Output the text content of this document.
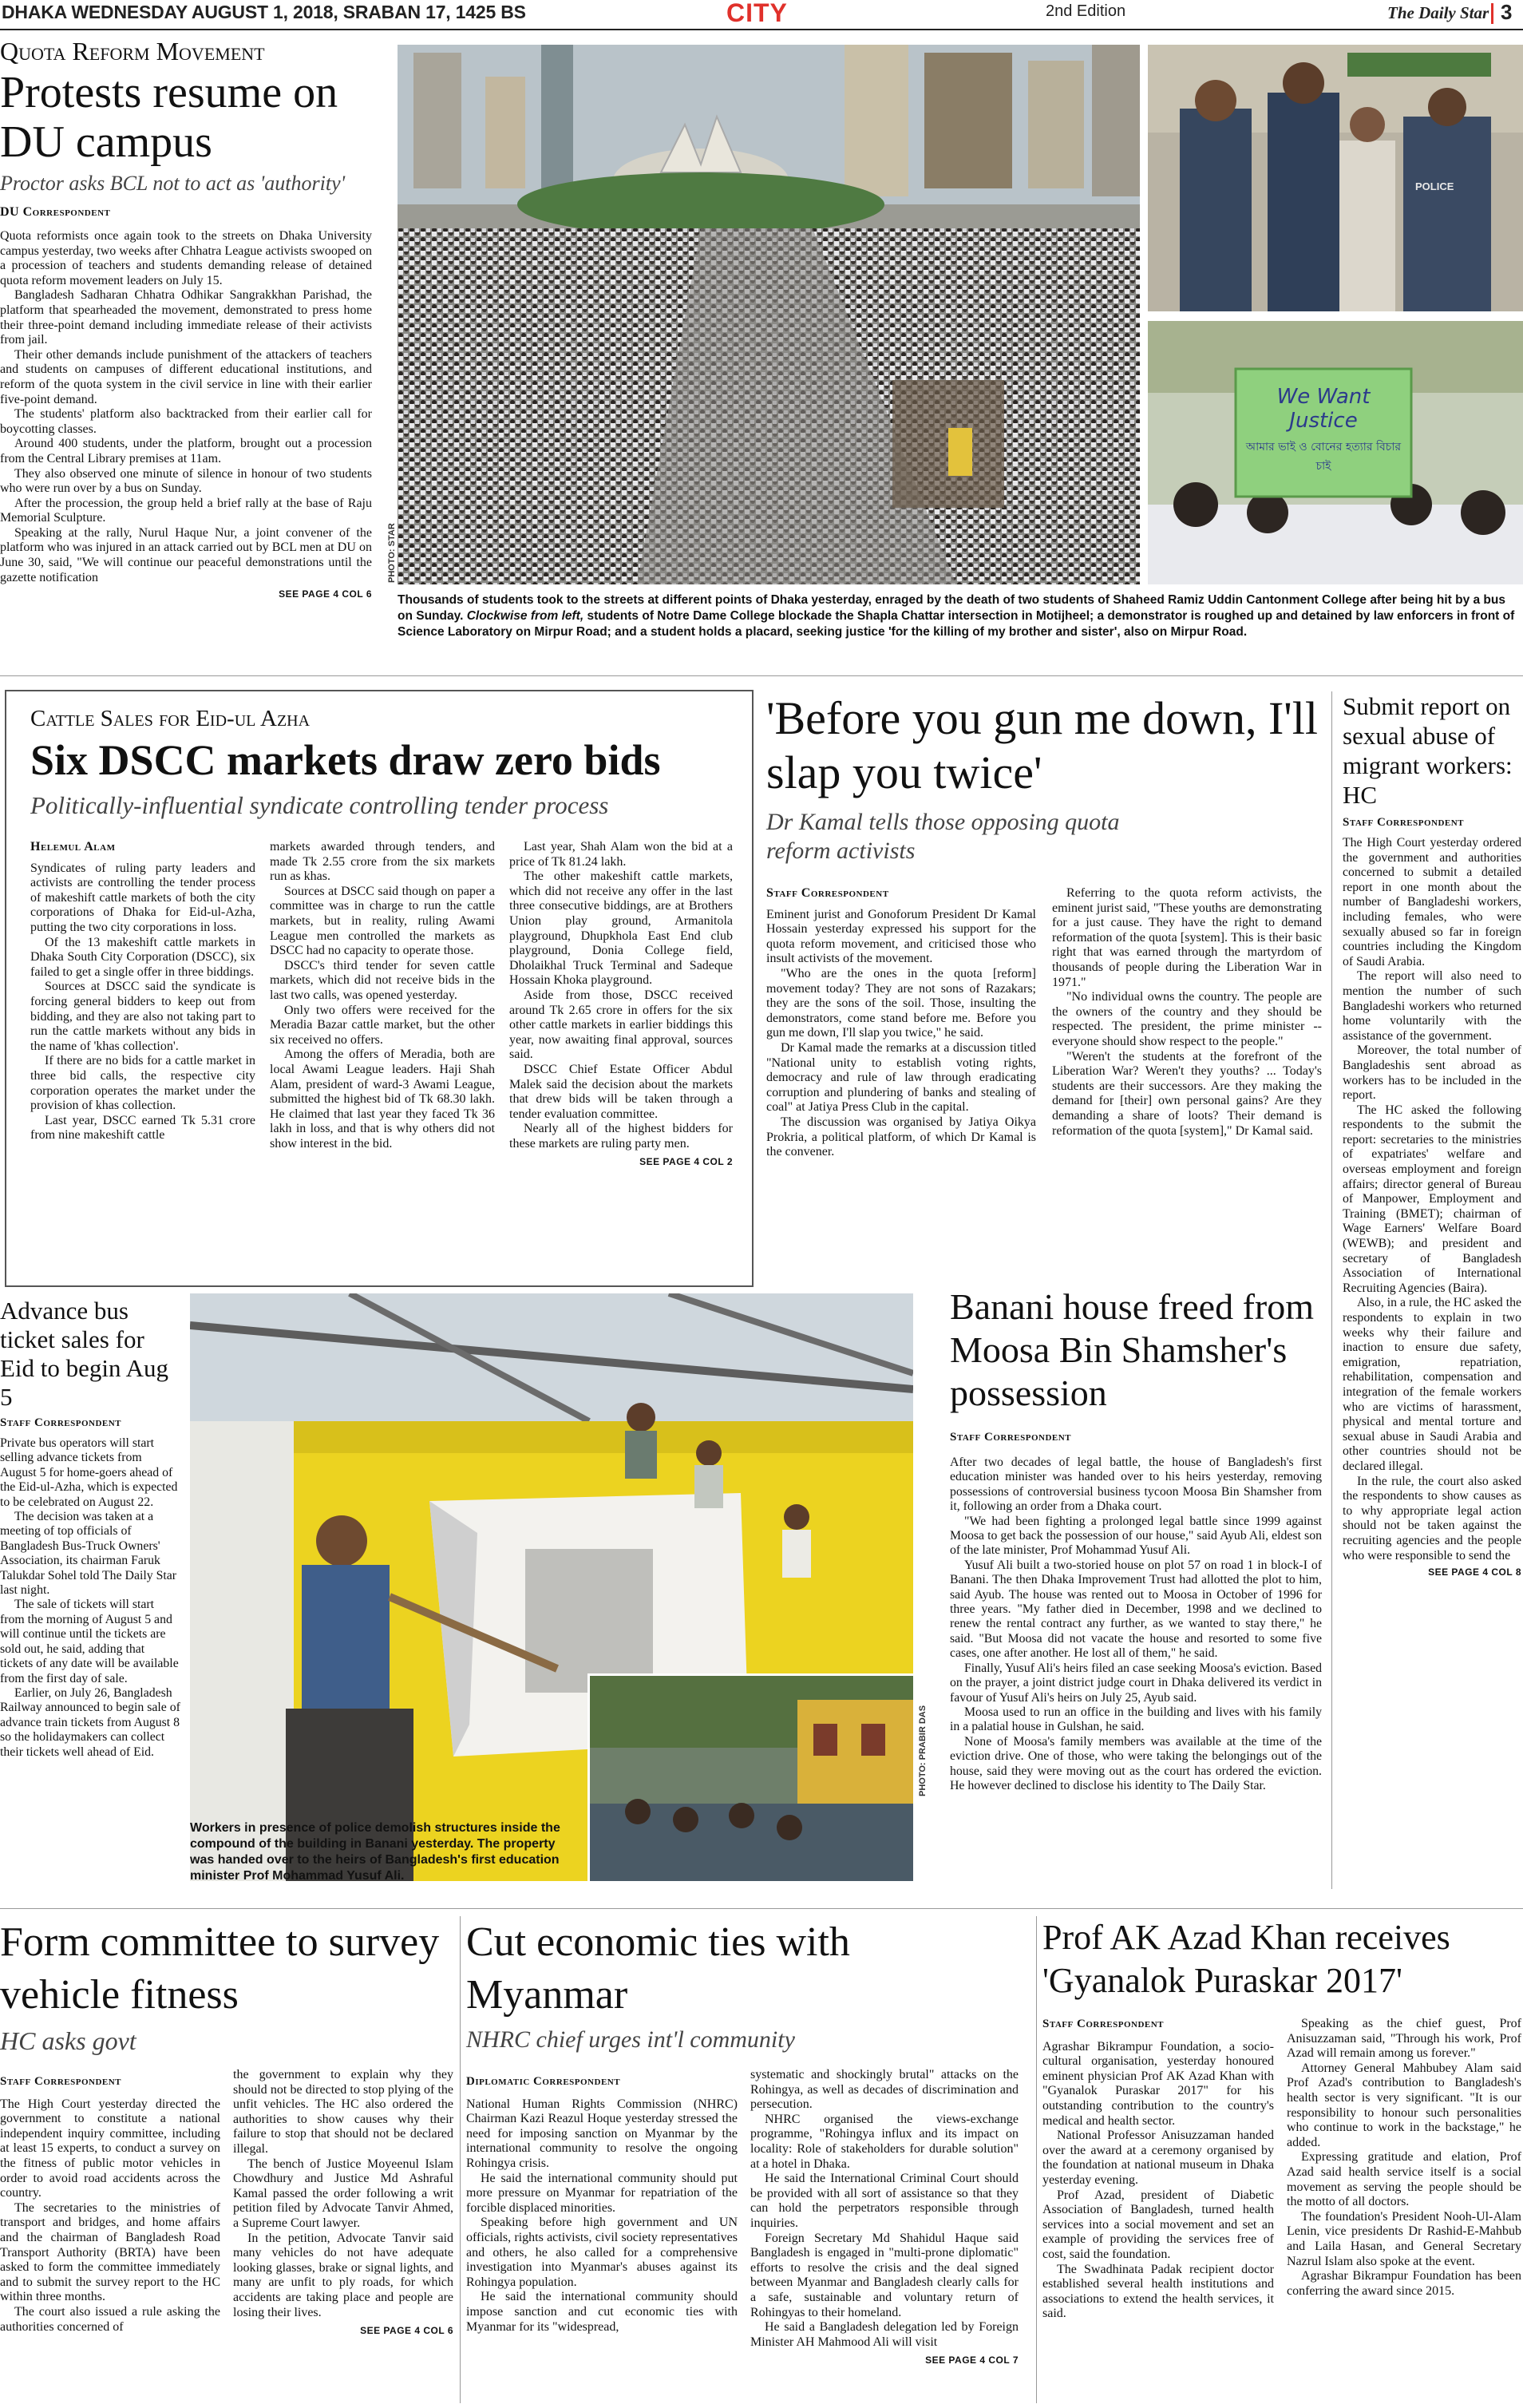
DHAKA WEDNESDAY AUGUST 1, 2018, SRABAN 17, 1425 BS	CITY	2nd Edition	The Daily Star 3
Quota Reform Movement
Protests resume on DU campus
Proctor asks BCL not to act as 'authority'
DU Correspondent

Quota reformists once again took to the streets on Dhaka University campus yesterday, two weeks after Chhatra League activists swooped on a procession of teachers and students demanding release of detained quota reform movement leaders on July 15.

Bangladesh Sadharan Chhatra Odhikar Sangrakkhan Parishad, the platform that spearheaded the movement, demonstrated to press home their three-point demand including immediate release of their activists from jail.

Their other demands include punishment of the attackers of teachers and students on campuses of different educational institutions, and reform of the quota system in the civil service in line with their earlier five-point demand.

The students' platform also backtracked from their earlier call for boycotting classes.

Around 400 students, under the platform, brought out a procession from the Central Library premises at 11am.

They also observed one minute of silence in honour of two students who were run over by a bus on Sunday.

After the procession, the group held a brief rally at the base of Raju Memorial Sculpture.

Speaking at the rally, Nurul Haque Nur, a joint convener of the platform who was injured in an attack carried out by BCL men at DU on June 30, said, "We will continue our peaceful demonstrations until the gazette notification

SEE PAGE 4 COL 6
PHOTO: STAR
POLICE
We Want
Justice
আমার ভাই ও বোনের হত্যার বিচার চাই
Thousands of students took to the streets at different points of Dhaka yesterday, enraged by the death of two students of Shaheed Ramiz Uddin Cantonment College after being hit by a bus on Sunday. Clockwise from left, students of Notre Dame College blockade the Shapla Chattar intersection in Motijheel; a demonstrator is roughed up and detained by law enforcers in front of Science Laboratory on Mirpur Road; and a student holds a placard, seeking justice 'for the killing of my brother and sister', also on Mirpur Road.
Cattle Sales for Eid-ul Azha
Six DSCC markets draw zero bids
Politically-influential syndicate controlling tender process
Helemul Alam

Syndicates of ruling party leaders and activists are controlling the tender process of makeshift cattle markets of both the city corporations of Dhaka for Eid-ul-Azha, putting the two city corporations in loss.

Of the 13 makeshift cattle markets in Dhaka South City Corporation (DSCC), six failed to get a single offer in three biddings.

Sources at DSCC said the syndicate is forcing general bidders to keep out from bidding, and they are also not taking part to run the cattle markets without any bids in the name of 'khas collection'.

If there are no bids for a cattle market in three bid calls, the respective city corporation operates the market under the provision of khas collection.

Last year, DSCC earned Tk 5.31 crore from nine makeshift cattle

markets awarded through tenders, and made Tk 2.55 crore from the six markets run as khas.

Sources at DSCC said though on paper a committee was in charge to run the cattle markets, but in reality, ruling Awami League men controlled the markets as DSCC had no capacity to operate those.

DSCC's third tender for seven cattle markets, which did not receive bids in the last two calls, was opened yesterday.

Only two offers were received for the Meradia Bazar cattle market, but the other six received no offers.

Among the offers of Meradia, both are local Awami League leaders. Haji Shah Alam, president of ward-3 Awami League, submitted the highest bid of Tk 68.30 lakh. He claimed that last year they faced Tk 36 lakh in loss, and that is why others did not show interest in the bid.

Last year, Shah Alam won the bid at a price of Tk 81.24 lakh.

The other makeshift cattle markets, which did not receive any offer in the last three consecutive biddings, are at Brothers Union play ground, Armanitola playground, Dhupkhola East End club playground, Donia College field, Dholaikhal Truck Terminal and Sadeque Hossain Khoka playground.

Aside from those, DSCC received around Tk 2.65 crore in offers for the six other cattle markets in earlier biddings this year, now awaiting final approval, sources said.

DSCC Chief Estate Officer Abdul Malek said the decision about the markets that drew bids will be taken through a tender evaluation committee.

Nearly all of the highest bidders for these markets are ruling party men.

SEE PAGE 4 COL 2
'Before you gun me down, I'll slap you twice'
Dr Kamal tells those opposing quota reform activists
Staff Correspondent

Eminent jurist and Gonoforum President Dr Kamal Hossain yesterday expressed his support for the quota reform movement, and criticised those who insult activists of the movement.

"Who are the ones in the quota [reform] movement today? They are not sons of Razakars; they are the sons of the soil. Those, insulting the demonstrators, come stand before me. Before you gun me down, I'll slap you twice," he said.

Dr Kamal made the remarks at a discussion titled "National unity to establish voting rights, democracy and rule of law through eradicating corruption and plundering of banks and stealing of coal" at Jatiya Press Club in the capital.

The discussion was organised by Jatiya Oikya Prokria, a political platform, of which Dr Kamal is the convener.

Referring to the quota reform activists, the eminent jurist said, "These youths are demonstrating for a just cause. They have the right to demand reformation of the quota [system]. This is their basic right that was earned through the martyrdom of thousands of people during the Liberation War in 1971."

"No individual owns the country. The people are the owners of the country and they should be respected. The president, the prime minister -- everyone should show respect to the people."

"Weren't the students at the forefront of the Liberation War? Weren't they youths? ... Today's students are their successors. Are they making the demand for [their] own personal gains? Are they demanding a share of loots? Their demand is reformation of the quota [system]," Dr Kamal said.

Submit report on sexual abuse of migrant workers: HC
Staff Correspondent

The High Court yesterday ordered the government and authorities concerned to submit a detailed report in one month about the number of Bangladeshi workers, including females, who were sexually abused so far in foreign countries including the Kingdom of Saudi Arabia.

The report will also need to mention the number of such Bangladeshi workers who returned home voluntarily with the assistance of the government.

Moreover, the total number of Bangladeshis sent abroad as workers has to be included in the report.

The HC asked the following respondents to the submit the report: secretaries to the ministries of expatriates' welfare and overseas employment and foreign affairs; director general of Bureau of Manpower, Employment and Training (BMET); chairman of Wage Earners' Welfare Board (WEWB); and president and secretary of Bangladesh Association of International Recruiting Agencies (Baira).

Also, in a rule, the HC asked the respondents to explain in two weeks why their failure and inaction to ensure due safety, emigration, repatriation, rehabilitation, compensation and integration of the female workers who are victims of harassment, physical and mental torture and sexual abuse in Saudi Arabia and other countries should not be declared illegal.

In the rule, the court also asked the respondents to show causes as to why appropriate legal action should not be taken against the recruiting agencies and the people who were responsible to send the

SEE PAGE 4 COL 8
Advance bus ticket sales for Eid to begin Aug 5
Staff Correspondent

Private bus operators will start selling advance tickets from August 5 for home-goers ahead of the Eid-ul-Azha, which is expected to be celebrated on August 22.

The decision was taken at a meeting of top officials of Bangladesh Bus-Truck Owners' Association, its chairman Faruk Talukdar Sohel told The Daily Star last night.

The sale of tickets will start from the morning of August 5 and will continue until the tickets are sold out, he said, adding that tickets of any date will be available from the first day of sale.

Earlier, on July 26, Bangladesh Railway announced to begin sale of advance train tickets from August 8 so the holidaymakers can collect their tickets well ahead of Eid.	PHOTO: PRABIR DAS
Workers in presence of police demolish structures inside the compound of the building in Banani yesterday. The property was handed over to the heirs of Bangladesh's first education minister Prof Mohammad Yusuf Ali.
Banani house freed from Moosa Bin Shamsher's possession
Staff Correspondent

After two decades of legal battle, the house of Bangladesh's first education minister was handed over to his heirs yesterday, removing possessions of controversial business tycoon Moosa Bin Shamsher from it, following an order from a Dhaka court.

"We had been fighting a prolonged legal battle since 1999 against Moosa to get back the possession of our house," said Ayub Ali, eldest son of the late minister, Prof Mohammad Yusuf Ali.

Yusuf Ali built a two-storied house on plot 57 on road 1 in block-I of Banani. The then Dhaka Improvement Trust had allotted the plot to him, said Ayub. The house was rented out to Moosa in October of 1996 for three years. "My father died in December, 1998 and we declined to renew the rental contract any further, as we wanted to stay there," he said. "But Moosa did not vacate the house and resorted to some five cases, one after another. He lost all of them," he said.

Finally, Yusuf Ali's heirs filed an case seeking Moosa's eviction. Based on the prayer, a joint district judge court in Dhaka delivered its verdict in favour of Yusuf Ali's heirs on July 25, Ayub said.

Moosa used to run an office in the building and lives with his family in a palatial house in Gulshan, he said.

None of Moosa's family members was available at the time of the eviction drive. One of those, who were taking the belongings out of the house, said they were moving out as the court has ordered the eviction. He however declined to disclose his identity to The Daily Star.

Form committee to survey vehicle fitness
HC asks govt
Staff Correspondent

The High Court yesterday directed the government to constitute a national independent inquiry committee, including at least 15 experts, to conduct a survey on the fitness of public motor vehicles in order to avoid road accidents across the country.

The secretaries to the ministries of transport and bridges, and home affairs and the chairman of Bangladesh Road Transport Authority (BRTA) have been asked to form the committee immediately and to submit the survey report to the HC within three months.

The court also issued a rule asking the authorities concerned of

the government to explain why they should not be directed to stop plying of the unfit vehicles. The HC also ordered the authorities to show causes why their failure to stop that should not be declared illegal.

The bench of Justice Moyeenul Islam Chowdhury and Justice Md Ashraful Kamal passed the order following a writ petition filed by Advocate Tanvir Ahmed, a Supreme Court lawyer.

In the petition, Advocate Tanvir said many vehicles do not have adequate looking glasses, brake or signal lights, and many are unfit to ply roads, for which accidents are taking place and people are losing their lives.

SEE PAGE 4 COL 6
Cut economic ties with Myanmar
NHRC chief urges int'l community
Diplomatic Correspondent

National Human Rights Commission (NHRC) Chairman Kazi Reazul Hoque yesterday stressed the need for imposing sanction on Myanmar by the international community to resolve the ongoing Rohingya crisis.

He said the international community should put more pressure on Myanmar for repatriation of the forcible displaced minorities.

Speaking before high government and UN officials, rights activists, civil society representatives and others, he also called for a comprehensive investigation into Myanmar's abuses against its Rohingya population.

He said the international community should impose sanction and cut economic ties with Myanmar for its "widespread,

systematic and shockingly brutal" attacks on the Rohingya, as well as decades of discrimination and persecution.

NHRC organised the views-exchange programme, "Rohingya influx and its impact on locality: Role of stakeholders for durable solution" at a hotel in Dhaka.

He said the International Criminal Court should be provided with all sort of assistance so that they can hold the perpetrators responsible through inquiries.

Foreign Secretary Md Shahidul Haque said Bangladesh is engaged in "multi-prone diplomatic" efforts to resolve the crisis and the deal signed between Myanmar and Bangladesh clearly calls for a safe, sustainable and voluntary return of Rohingyas to their homeland.

He said a Bangladesh delegation led by Foreign Minister AH Mahmood Ali will visit

SEE PAGE 4 COL 7
Prof AK Azad Khan receives 'Gyanalok Puraskar 2017'
Staff Correspondent

Agrashar Bikrampur Foundation, a socio-cultural organisation, yesterday honoured eminent physician Prof AK Azad Khan with "Gyanalok Puraskar 2017" for his outstanding contribution to the country's medical and health sector.

National Professor Anisuzzaman handed over the award at a ceremony organised by the foundation at national museum in Dhaka yesterday evening.

Prof Azad, president of Diabetic Association of Bangladesh, turned health services into a social movement and set an example of providing the services free of cost, said the foundation.

The Swadhinata Padak recipient doctor established several health institutions and associations to extend the health services, it said.

Speaking as the chief guest, Prof Anisuzzaman said, "Through his work, Prof Azad will remain among us forever."

Attorney General Mahbubey Alam said Prof Azad's contribution to Bangladesh's health sector is very significant. "It is our responsibility to honour such personalities who continue to work in the backstage," he added.

Expressing gratitude and elation, Prof Azad said health service itself is a social movement as serving the people should be the motto of all doctors.

The foundation's President Nooh-Ul-Alam Lenin, vice presidents Dr Rashid-E-Mahbub and Laila Hasan, and General Secretary Nazrul Islam also spoke at the event.

Agrashar Bikrampur Foundation has been conferring the award since 2015.
